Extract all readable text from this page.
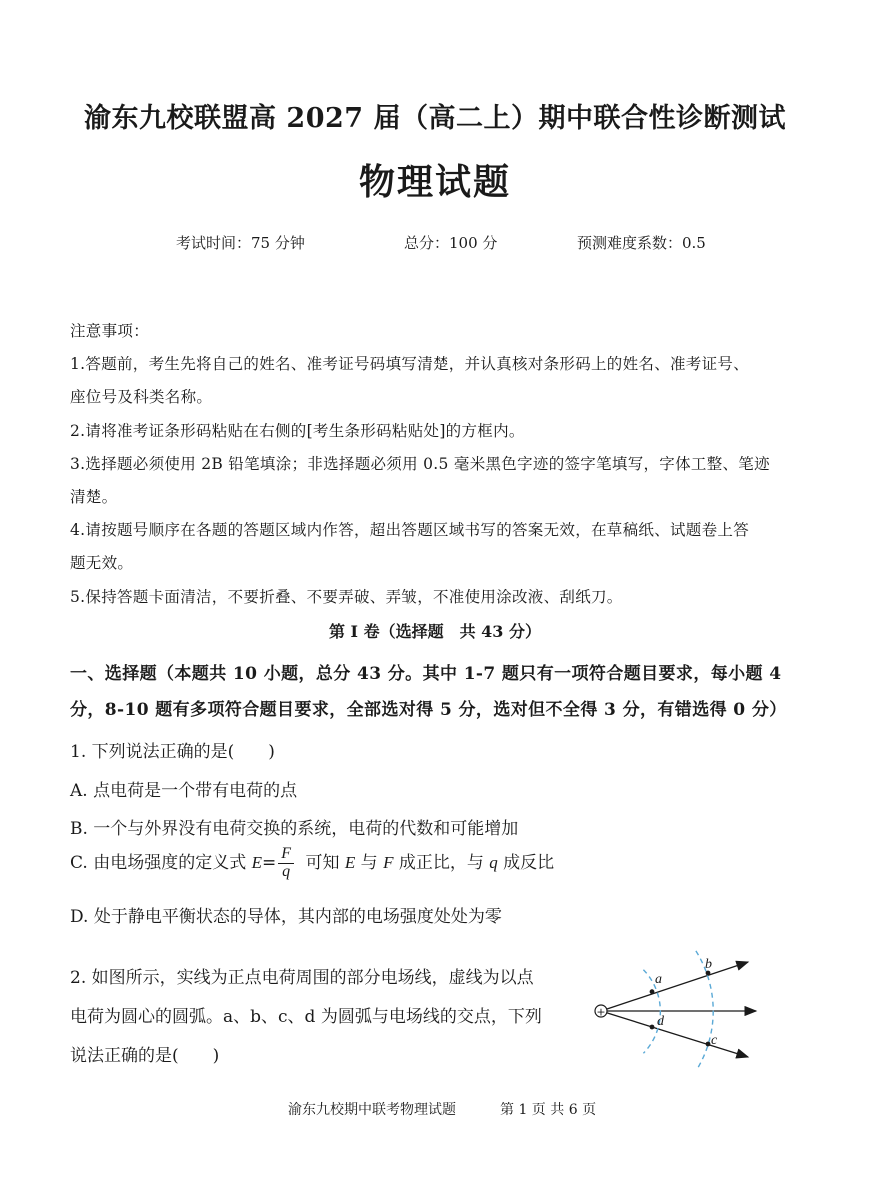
渝东九校联盟高 2027 届（高二上）期中联合性诊断测试
物理试题
考试时间：75 分钟	总分：100 分	预测难度系数：0.5
注意事项：
1.答题前，考生先将自己的姓名、准考证号码填写清楚，并认真核对条形码上的姓名、准考证号、
座位号及科类名称。
2.请将准考证条形码粘贴在右侧的[考生条形码粘贴处]的方框内。
3.选择题必须使用 2B 铅笔填涂；非选择题必须用 0.5 毫米黑色字迹的签字笔填写，字体工整、笔迹
清楚。
4.请按题号顺序在各题的答题区域内作答，超出答题区域书写的答案无效，在草稿纸、试题卷上答
题无效。
5.保持答题卡面清洁，不要折叠、不要弄破、弄皱，不准使用涂改液、刮纸刀。
第 I 卷（选择题　共 43 分）
一、选择题（本题共 10 小题，总分 43 分。其中 1-7 题只有一项符合题目要求，每小题 4
分，8-10 题有多项符合题目要求，全部选对得 5 分，选对但不全得 3 分，有错选得 0 分）
1. 下列说法正确的是(　　)
A. 点电荷是一个带有电荷的点
B. 一个与外界没有电荷交换的系统，电荷的代数和可能增加
C. 由电场强度的定义式 $E= \frac{F}{q}$ 可知 E 与 F 成正比，与 q 成反比
D. 处于静电平衡状态的导体，其内部的电场强度处处为零
2. 如图所示，实线为正点电荷周围的部分电场线，虚线为以点
电荷为圆心的圆弧。a、b、c、d 为圆弧与电场线的交点，下列
说法正确的是(　　)
a
b
c
d
+
渝东九校期中联考物理试题	第 1 页 共 6 页
